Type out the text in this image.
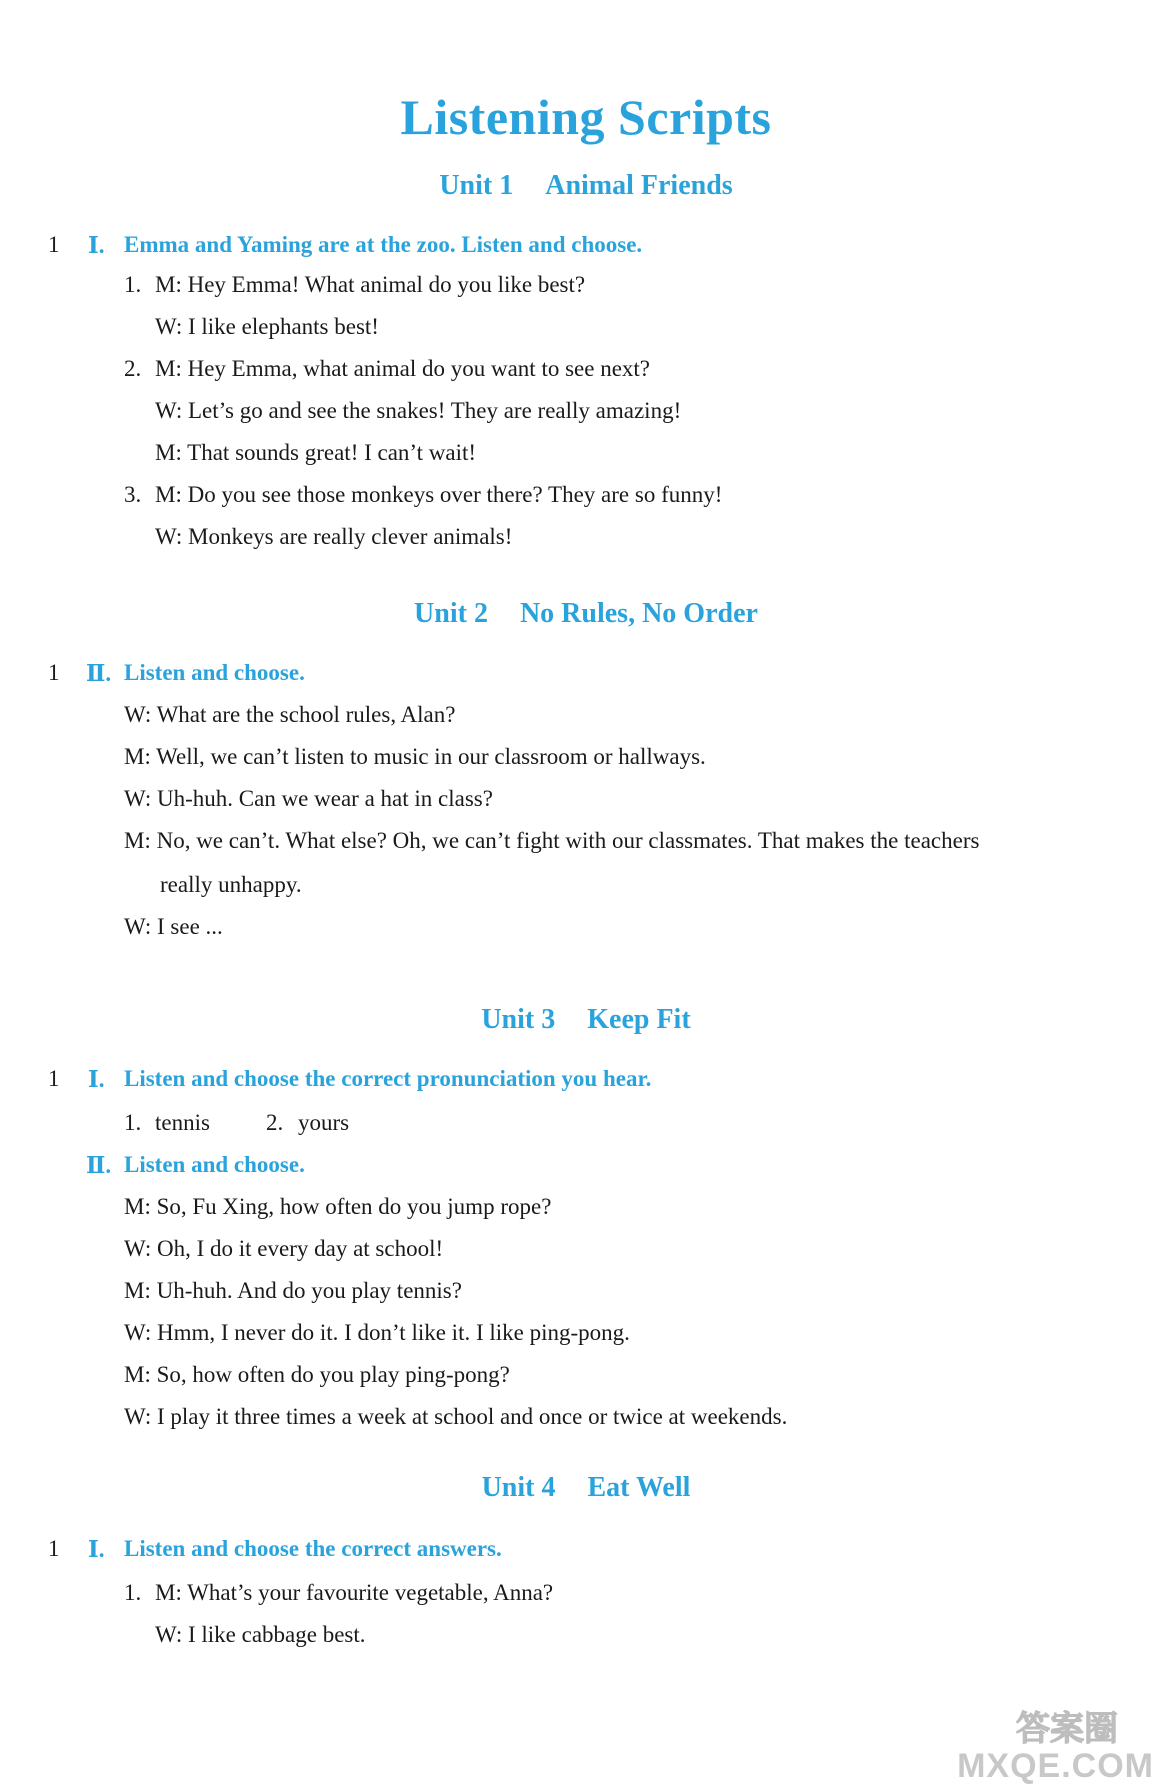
Listening Scripts
Unit 1 Animal Friends
1 Ⅰ. Emma and Yaming are at the zoo. Listen and choose.
1. M: Hey Emma! What animal do you like best?
W: I like elephants best!
2. M: Hey Emma, what animal do you want to see next?
W: Let’s go and see the snakes! They are really amazing!
M: That sounds great! I can’t wait!
3. M: Do you see those monkeys over there? They are so funny!
W: Monkeys are really clever animals!
Unit 2 No Rules, No Order
1 Ⅱ. Listen and choose.
W: What are the school rules, Alan?
M: Well, we can’t listen to music in our classroom or hallways.
W: Uh-huh. Can we wear a hat in class?
M: No, we can’t. What else? Oh, we can’t fight with our classmates. That makes the teachers
really unhappy.
W: I see ...
Unit 3 Keep Fit
1 Ⅰ. Listen and choose the correct pronunciation you hear.
1. tennis 2. yours
Ⅱ. Listen and choose.
M: So, Fu Xing, how often do you jump rope?
W: Oh, I do it every day at school!
M: Uh-huh. And do you play tennis?
W: Hmm, I never do it. I don’t like it. I like ping-pong.
M: So, how often do you play ping-pong?
W: I play it three times a week at school and once or twice at weekends.
Unit 4 Eat Well
1 Ⅰ. Listen and choose the correct answers.
1. M: What’s your favourite vegetable, Anna?
W: I like cabbage best.
答案圈
MXQE.COM
